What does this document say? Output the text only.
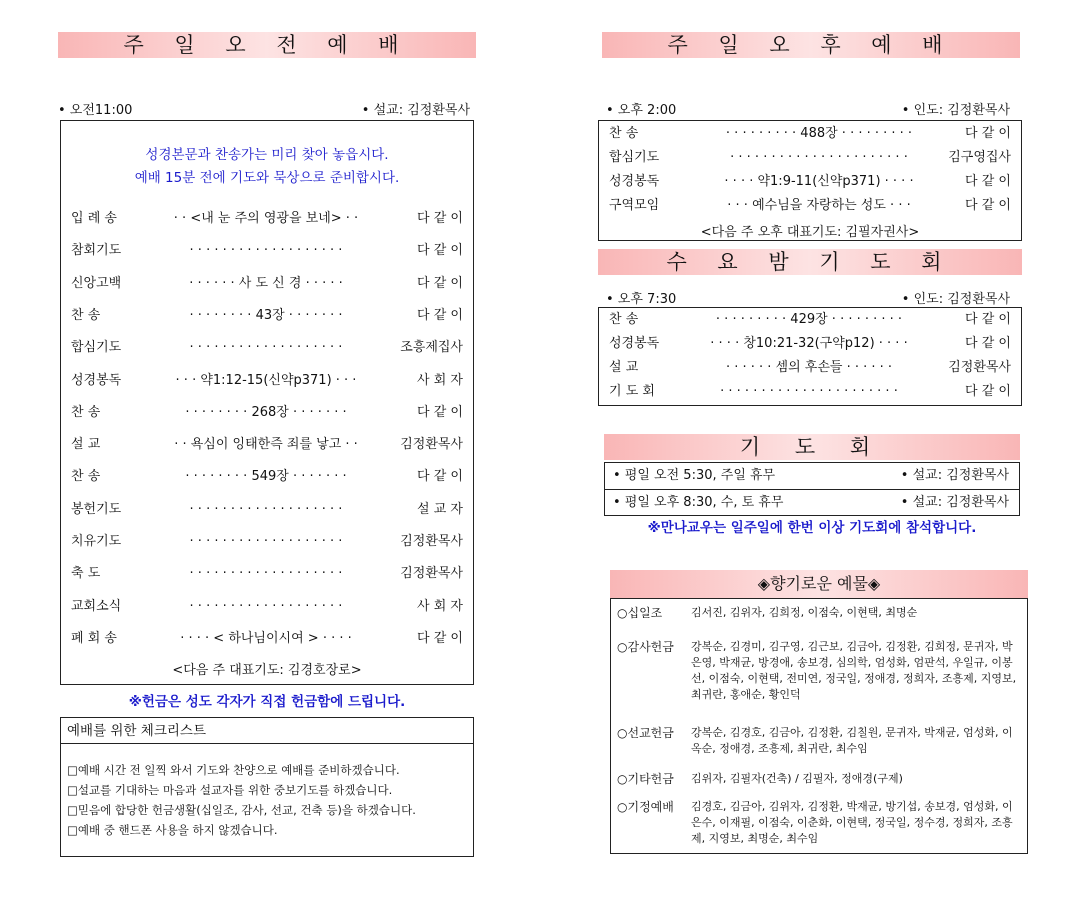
주 일 오 전 예 배
• 오전11:00	• 설교: 김정환목사
성경본문과 찬송가는 미리 찾아 놓읍시다.
예배 15분 전에 기도와 묵상으로 준비합시다.
입 례 송	· · <내 눈 주의 영광을 보네> · ·	다 같 이
참회기도	· · · · · · · · · · · · · · · · · · ·	다 같 이
신앙고백	· · · · · · 사 도 신 경 · · · · ·	다 같 이
찬 송	· · · · · · · · 43장 · · · · · · ·	다 같 이
합심기도	· · · · · · · · · · · · · · · · · · ·	조흥제집사
성경봉독	· · · 약1:12-15(신약p371) · · ·	사 회 자
찬 송	· · · · · · · · 268장 · · · · · · ·	다 같 이
설 교	· · 욕심이 잉태한즉 죄를 낳고 · ·	김정환목사
찬 송	· · · · · · · · 549장 · · · · · · ·	다 같 이
봉헌기도	· · · · · · · · · · · · · · · · · · ·	설 교 자
치유기도	· · · · · · · · · · · · · · · · · · ·	김정환목사
축 도	· · · · · · · · · · · · · · · · · · ·	김정환목사
교회소식	· · · · · · · · · · · · · · · · · · ·	사 회 자
폐 회 송	· · · · < 하나님이시여 > · · · ·	다 같 이
<다음 주 대표기도: 김경호장로>
※헌금은 성도 각자가 직접 헌금함에 드립니다.
예배를 위한 체크리스트
□예배 시간 전 일찍 와서 기도와 찬양으로 예배를 준비하겠습니다.
□설교를 기대하는 마음과 설교자를 위한 중보기도를 하겠습니다.
□믿음에 합당한 헌금생활(십일조, 감사, 선교, 건축 등)을 하겠습니다.
□예배 중 핸드폰 사용을 하지 않겠습니다.
주 일 오 후 예 배
• 오후 2:00	• 인도: 김정환목사
찬 송	· · · · · · · · · 488장 · · · · · · · · ·	다 같 이
합심기도	· · · · · · · · · · · · · · · · · · · · · ·	김구영집사
성경봉독	· · · · 약1:9-11(신약p371) · · · ·	다 같 이
구역모임	· · · 예수님을 자랑하는 성도 · · ·	다 같 이
<다음 주 오후 대표기도: 김필자권사>
수 요 밤 기 도 회
• 오후 7:30	• 인도: 김정환목사
찬 송	· · · · · · · · · 429장 · · · · · · · · ·	다 같 이
성경봉독	· · · · 창10:21-32(구약p12) · · · ·	다 같 이
설 교	· · · · · · 셈의 후손들 · · · · · ·	김정환목사
기 도 회	· · · · · · · · · · · · · · · · · · · · · ·	다 같 이
기 도 회
• 평일 오전 5:30, 주일 휴무	• 설교: 김정환목사
• 평일 오후 8:30, 수, 토 휴무	• 설교: 김정환목사
※만나교우는 일주일에 한번 이상 기도회에 참석합니다.
◈향기로운 예물◈
○십일조	김서진, 김위자, 김희정, 이점숙, 이현택, 최명순
○감사헌금 강복순, 김경미, 김구영, 김근보, 김금아, 김정환, 김희정, 문귀자, 박은영, 박재균, 방경애, 송보경, 심의학, 엄성화, 엄판석, 우일규, 이봉선, 이점숙, 이현택, 전미연, 정국일, 정애경, 정희자, 조흥제, 지영보, 최귀란, 홍애순, 황인덕
○선교헌금 강복순, 김경호, 김금아, 김정환, 김칠원, 문귀자, 박재균, 엄성화, 이옥순, 정애경, 조흥제, 최귀란, 최수임
○기타헌금 김위자, 김필자(건축) / 김필자, 정애경(구제)
○기정예배 김경호, 김금아, 김위자, 김정환, 박재균, 방기섭, 송보경, 엄성화, 이은수, 이재필, 이점숙, 이춘화, 이현택, 정국일, 정수경, 정희자, 조흥제, 지영보, 최명순, 최수임
